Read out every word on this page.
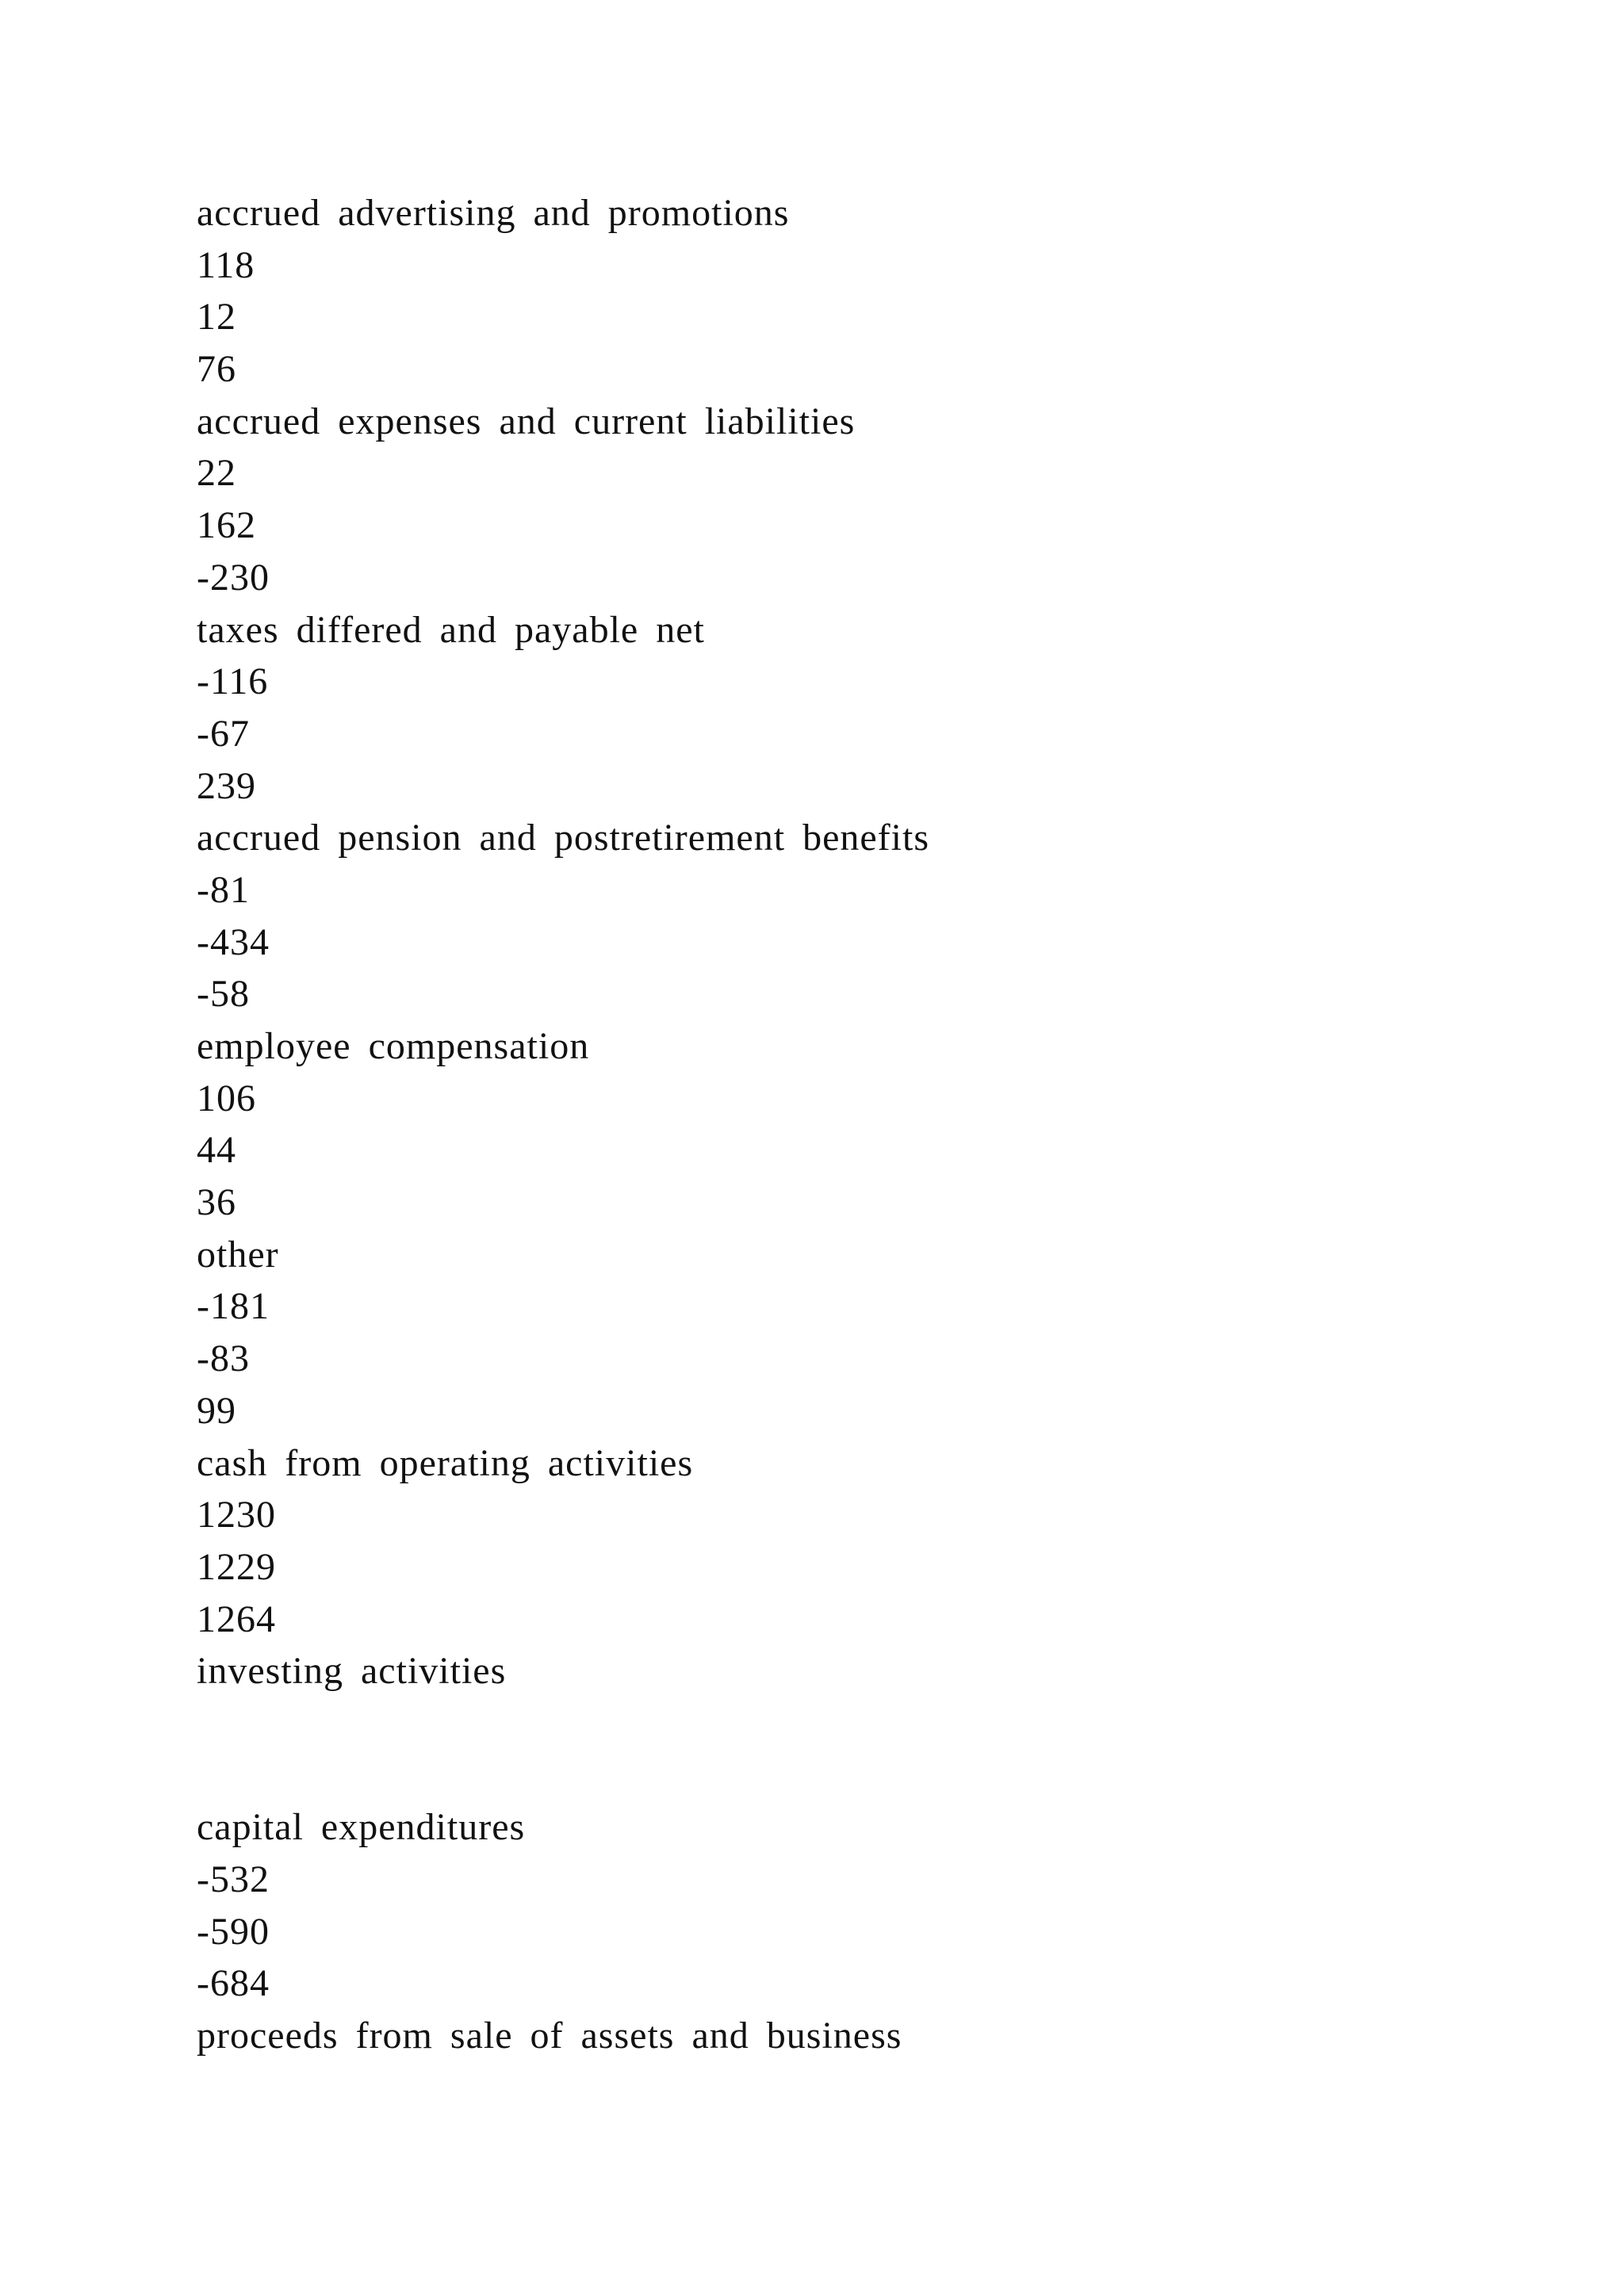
accrued advertising and promotions
118
12
76
accrued expenses and current liabilities
22
162
-230
taxes differed and payable net
-116
-67
239
accrued pension and postretirement benefits
-81
-434
-58
employee compensation
106
44
36
other
-181
-83
99
cash from operating activities
1230
1229
1264
investing activities
capital expenditures
-532
-590
-684
proceeds from sale of assets and business
